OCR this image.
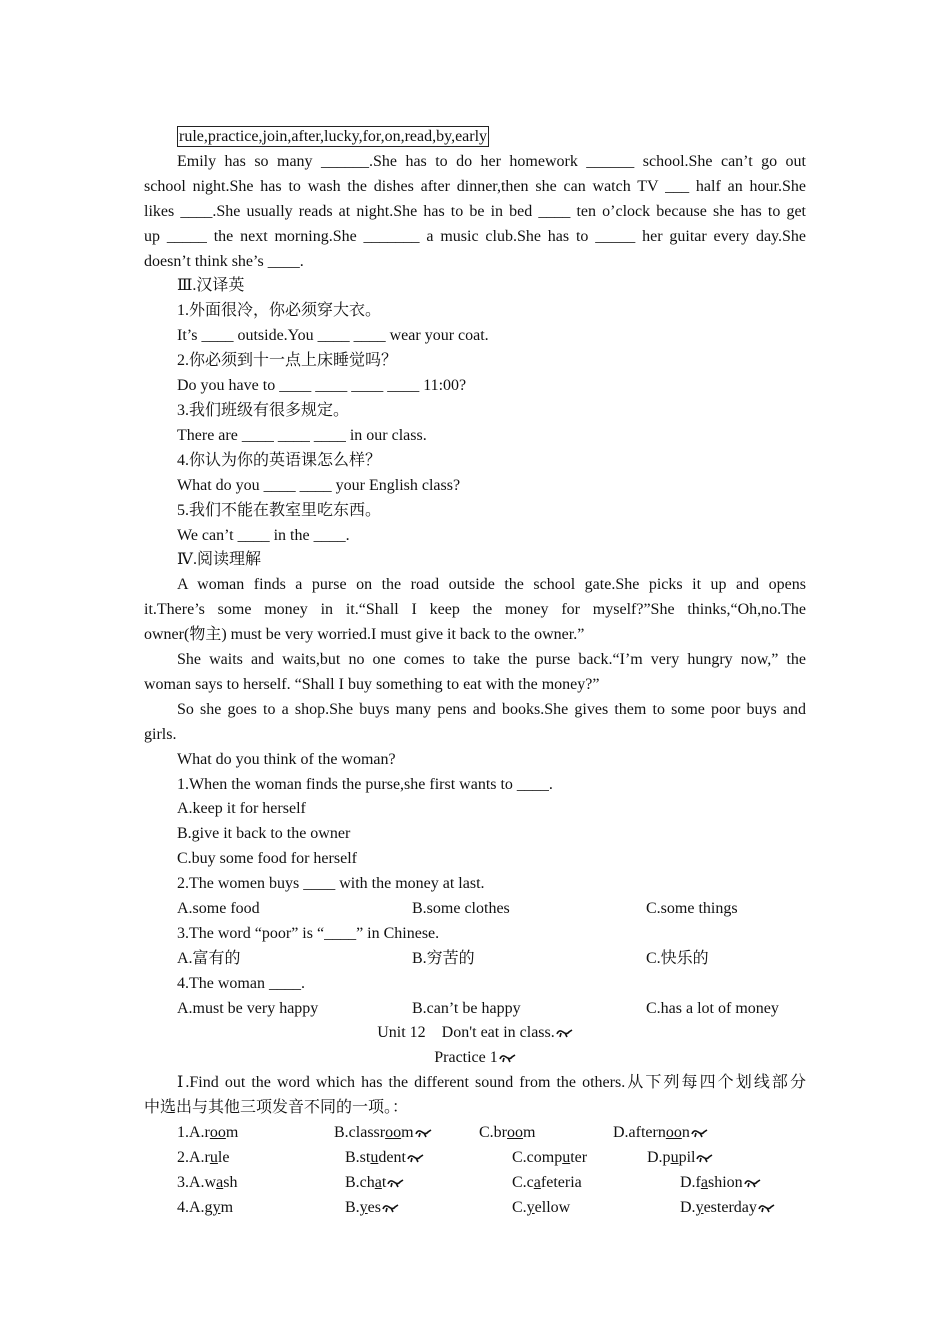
rule,practice,join,after,lucky,for,on,read,by,early
Emily has so many ______.She has to do her homework ______ school.She can’t go out
school night.She has to wash the dishes after dinner,then she can watch TV ___ half an hour.She
likes ____.She usually reads at night.She has to be in bed ____ ten o’clock because she has to get
up _____ the next morning.She _______ a music club.She has to _____ her guitar every day.She
doesn’t think she’s ____.
Ⅲ.汉译英
1.外面很冷，你必须穿大衣。
It’s ____ outside.You ____ ____ wear your coat.
2.你必须到十一点上床睡觉吗？
Do you have to ____ ____ ____ ____ 11:00?
3.我们班级有很多规定。
There are ____ ____ ____ in our class.
4.你认为你的英语课怎么样？
What do you ____ ____ your English class?
5.我们不能在教室里吃东西。
We can’t ____ in the ____.
Ⅳ.阅读理解
A woman finds a purse on the road outside the school gate.She picks it up and opens
it.There’s some money in it.“Shall I keep the money for myself?”She thinks,“Oh,no.The
owner(物主) must be very worried.I must give it back to the owner.”
She waits and waits,but no one comes to take the purse back.“I’m very hungry now,” the
woman says to herself. “Shall I buy something to eat with the money?”
So she goes to a shop.She buys many pens and books.She gives them to some poor buys and
girls.
What do you think of the woman?
1.When the woman finds the purse,she first wants to ____.
A.keep it for herself
B.give it back to the owner
C.buy some food for herself
2.The women buys ____ with the money at last.
A.some food	B.some clothes	C.some things
3.The word “poor” is “____” in Chinese.
A.富有的	B.穷苦的	C.快乐的
4.The woman ____.
A.must be very happy	B.can’t be happy	C.has a lot of money
Unit 12    Don't eat in class.
Practice 1
Ⅰ.Find out the word which has the different sound from the others.从下列每四个划线部分
中选出与其他三项发音不同的一项。：
1.A.room	B.classroom	C.broom	D.afternoon
2.A.rule	B.student	C.computer	D.pupil
3.A.wash	B.chat	C.cafeteria	D.fashion
4.A.gym	B.yes	C.yellow	D.yesterday
